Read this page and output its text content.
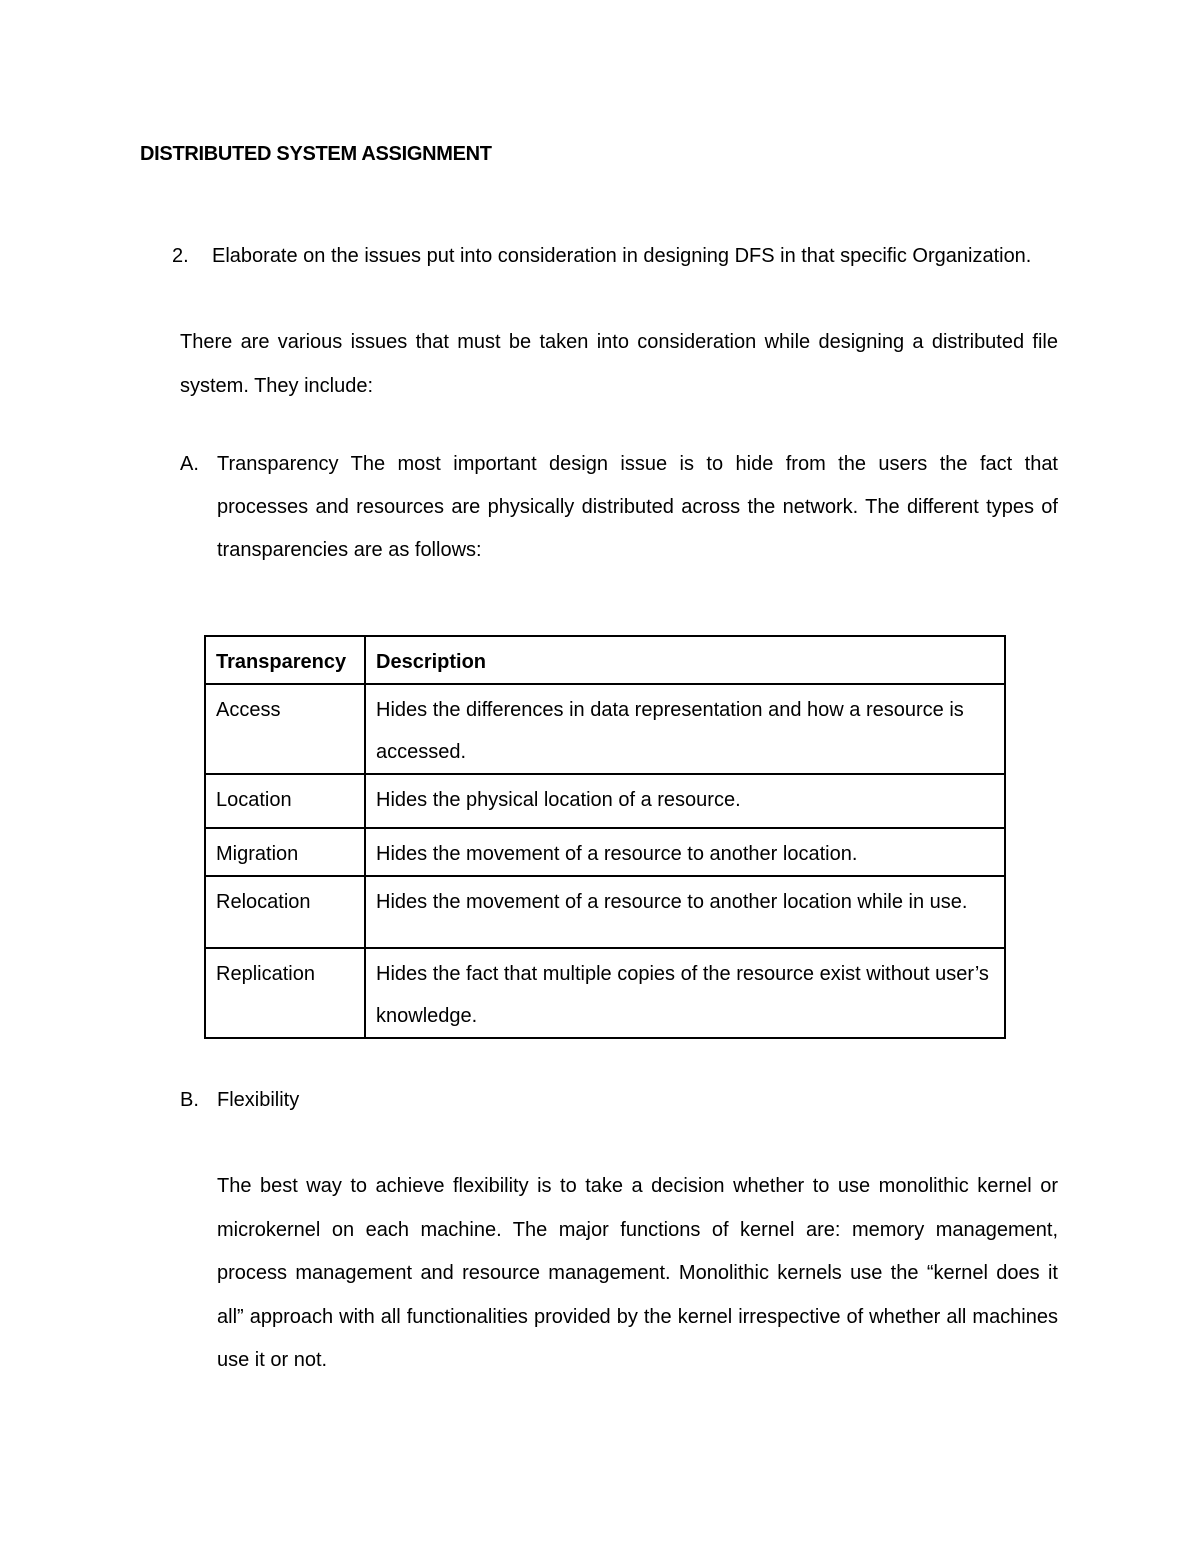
DISTRIBUTED SYSTEM ASSIGNMENT
2. Elaborate on the issues put into consideration in designing DFS in that specific Organization.
There are various issues that must be taken into consideration while designing a distributed file system. They include:
A. Transparency The most important design issue is to hide from the users the fact that processes and resources are physically distributed across the network. The different types of transparencies are as follows:
Transparency	Description
Access	Hides the differences in data representation and how a resource is accessed.
Location	Hides the physical location of a resource.
Migration	Hides the movement of a resource to another location.
Relocation	Hides the movement of a resource to another location while in use.
Replication	Hides the fact that multiple copies of the resource exist without user’s knowledge.
B. Flexibility
The best way to achieve flexibility is to take a decision whether to use monolithic kernel or microkernel on each machine. The major functions of kernel are: memory management, process management and resource management. Monolithic kernels use the “kernel does it all” approach with all functionalities provided by the kernel irrespective of whether all machines use it or not.
